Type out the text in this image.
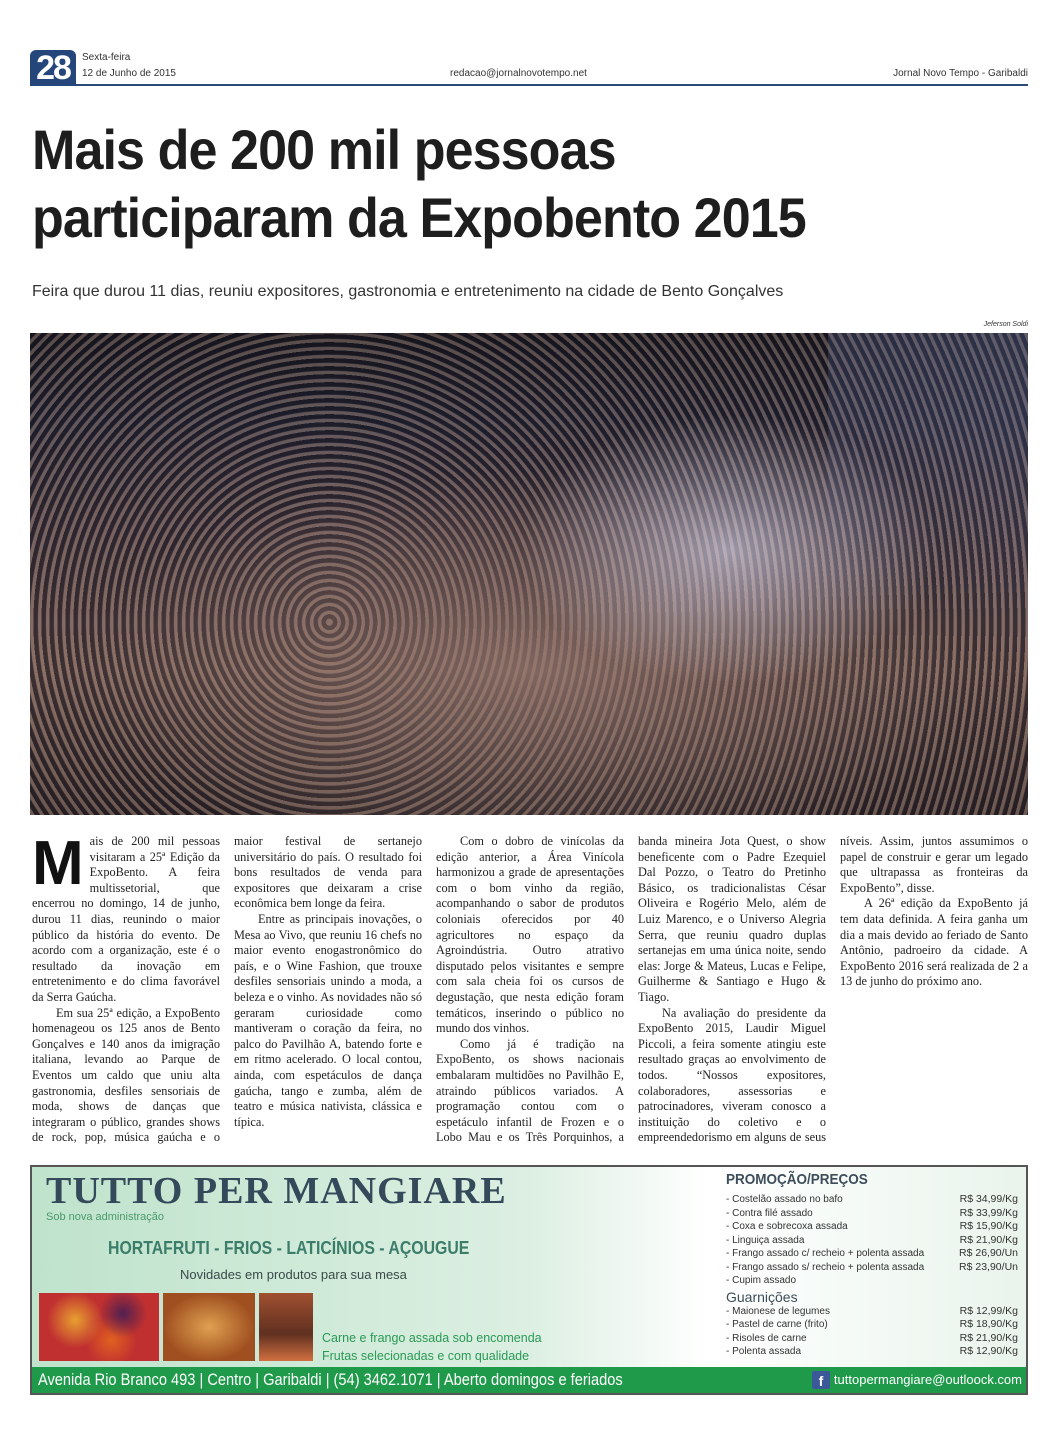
28	Sexta-feira
12 de Junho de 2015	redacao@jornalnovotempo.net	Jornal Novo Tempo - Garibaldi
Mais de 200 mil pessoas
participaram da Expobento 2015
Feira que durou 11 dias, reuniu expositores, gastronomia e entretenimento na cidade de Bento Gonçalves
Jeferson Soldi

Mais de 200 mil pessoas visitaram a 25ª Edição da ExpoBento. A feira multissetorial, que encerrou no domingo, 14 de junho, durou 11 dias, reunindo o maior público da história do evento. De acordo com a organização, este é o resultado da inovação em entretenimento e do clima favorável da Serra Gaúcha.

Em sua 25ª edição, a ExpoBento homenageou os 125 anos de Bento Gonçalves e 140 anos da imigração italiana, levando ao Parque de Eventos um caldo que uniu alta gastronomia, desfiles sensoriais de moda, shows de danças que integraram o público, grandes shows de rock, pop, música gaúcha e o maior festival de sertanejo universitário do país. O resultado foi bons resultados de venda para expositores que deixaram a crise econômica bem longe da feira.

Entre as principais inovações, o Mesa ao Vivo, que reuniu 16 chefs no maior evento enogastronômico do país, e o Wine Fashion, que trouxe desfiles sensoriais unindo a moda, a beleza e o vinho. As novidades não só geraram curiosidade como mantiveram o coração da feira, no palco do Pavilhão A, batendo forte e em ritmo acelerado. O local contou, ainda, com espetáculos de dança gaúcha, tango e zumba, além de teatro e música nativista, clássica e típica.

Com o dobro de vinícolas da edição anterior, a Área Vinícola harmonizou a grade de apresentações com o bom vinho da região, acompanhando o sabor de produtos coloniais oferecidos por 40 agricultores no espaço da Agroindústria. Outro atrativo disputado pelos visitantes e sempre com sala cheia foi os cursos de degustação, que nesta edição foram temáticos, inserindo o público no mundo dos vinhos.

Como já é tradição na ExpoBento, os shows nacionais embalaram multidões no Pavilhão E, atraindo públicos variados. A programação contou com o espetáculo infantil de Frozen e o Lobo Mau e os Três Porquinhos, a banda mineira Jota Quest, o show beneficente com o Padre Ezequiel Dal Pozzo, o Teatro do Pretinho Básico, os tradicionalistas César Oliveira e Rogério Melo, além de Luiz Marenco, e o Universo Alegria Serra, que reuniu quadro duplas sertanejas em uma única noite, sendo elas: Jorge & Mateus, Lucas e Felipe, Guilherme & Santiago e Hugo & Tiago.

Na avaliação do presidente da ExpoBento 2015, Laudir Miguel Piccoli, a feira somente atingiu este resultado graças ao envolvimento de todos. “Nossos expositores, colaboradores, assessorias e patrocinadores, viveram conosco a instituição do coletivo e o empreendedorismo em alguns de seus níveis. Assim, juntos assumimos o papel de construir e gerar um legado que ultrapassa as fronteiras da ExpoBento”, disse.

A 26ª edição da ExpoBento já tem data definida. A feira ganha um dia a mais devido ao feriado de Santo Antônio, padroeiro da cidade. A ExpoBento 2016 será realizada de 2 a 13 de junho do próximo ano.

TUTTO PER MANGIARE
Sob nova administração
HORTAFRUTI - FRIOS - LATICÍNIOS - AÇOUGUE
Novidades em produtos para sua mesa
Carne e frango assada sob encomenda
Frutas selecionadas e com qualidade
PROMOÇÃO/PREÇOS
- Costelão assado no bafo	R$ 34,99/Kg
- Contra filé assado	R$ 33,99/Kg
- Coxa e sobrecoxa assada	R$ 15,90/Kg
- Linguiça assada	R$ 21,90/Kg
- Frango assado c/ recheio + polenta assada	R$ 26,90/Un
- Frango assado s/ recheio + polenta assada	R$ 23,90/Un
- Cupim assado
Guarnições
- Maionese de legumes	R$ 12,99/Kg
- Pastel de carne (frito)	R$ 18,90/Kg
- Risoles de carne	R$ 21,90/Kg
- Polenta assada	R$ 12,90/Kg
Avenida Rio Branco 493 | Centro | Garibaldi | (54) 3462.1071 | Aberto domingos e feriados	f tuttopermangiare@outloock.com
